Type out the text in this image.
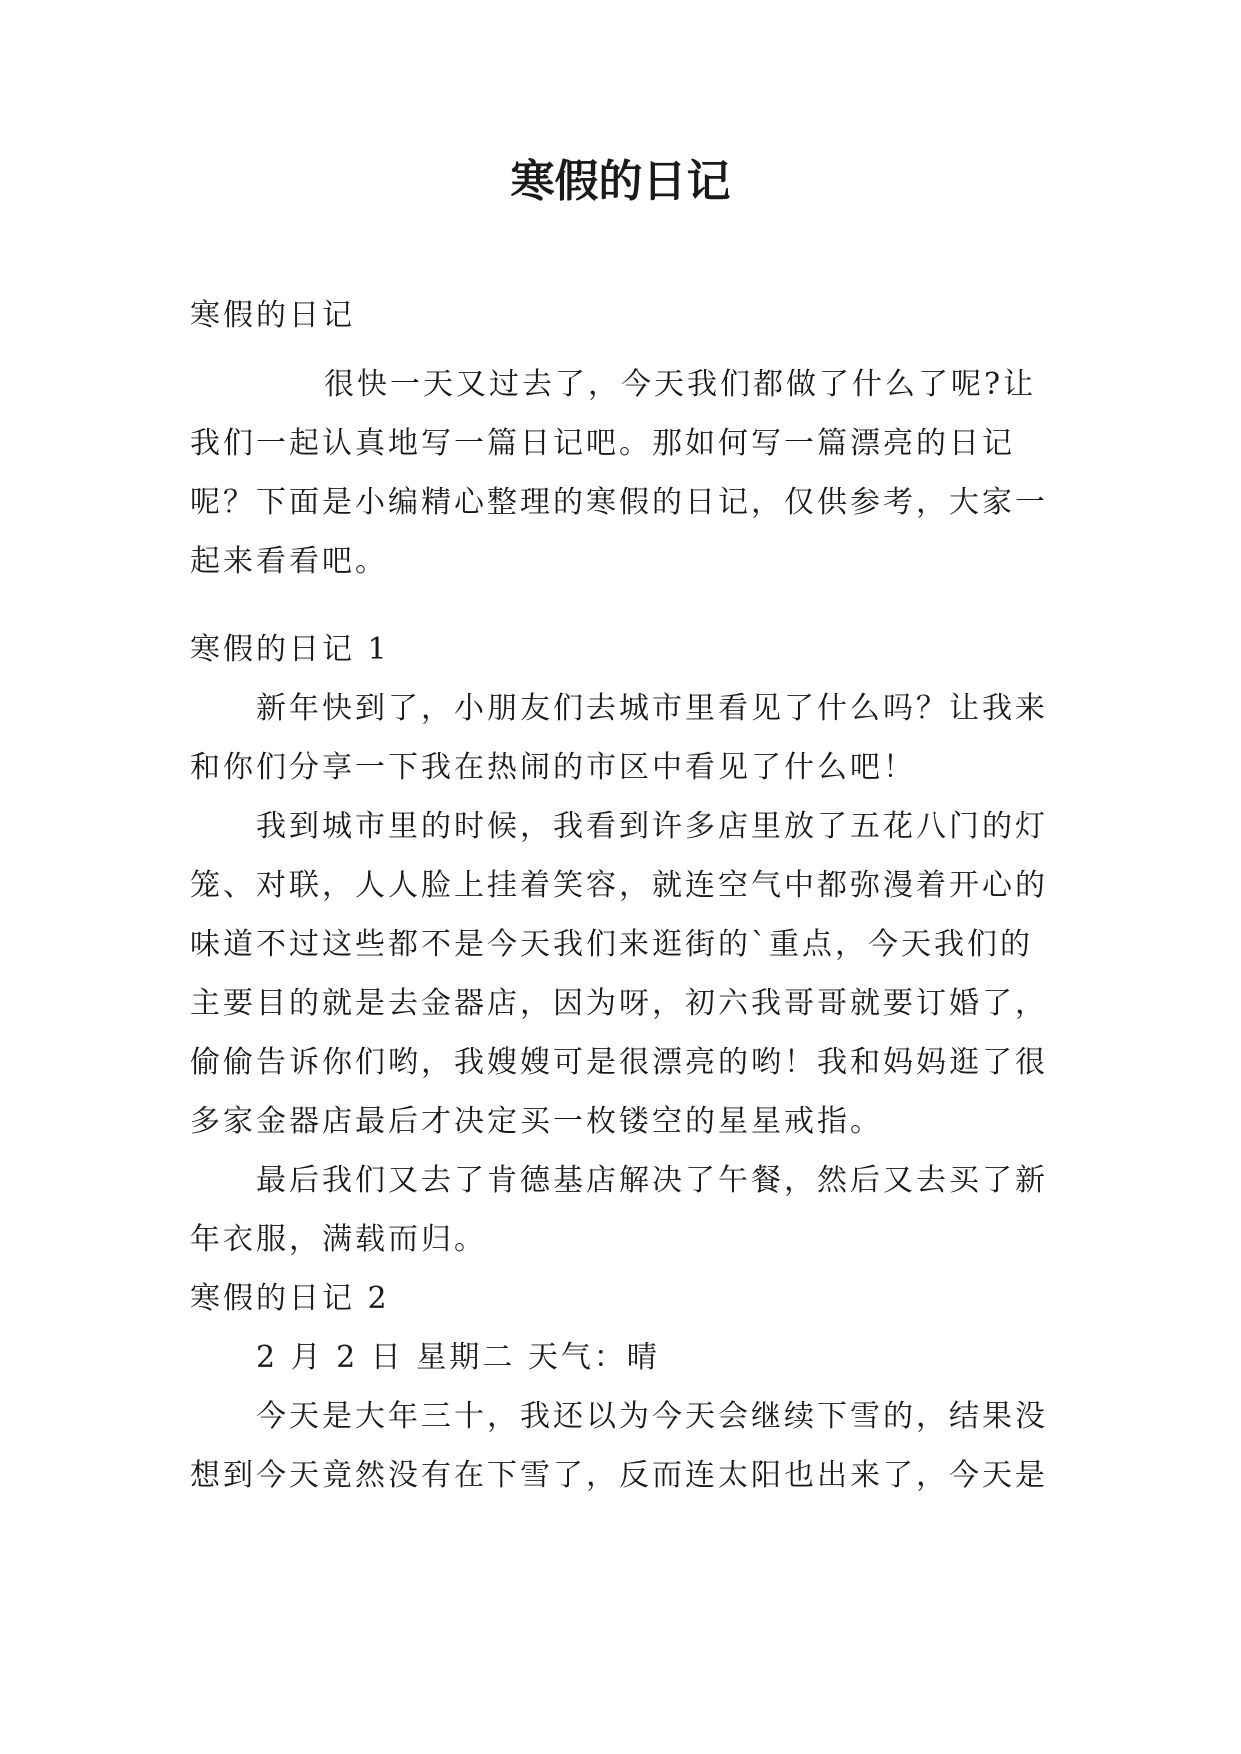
寒假的日记
寒假的日记
很快一天又过去了，今天我们都做了什么了呢?让
我们一起认真地写一篇日记吧。那如何写一篇漂亮的日记
呢？下面是小编精心整理的寒假的日记，仅供参考，大家一
起来看看吧。
寒假的日记 1
新年快到了，小朋友们去城市里看见了什么吗？让我来
和你们分享一下我在热闹的市区中看见了什么吧！
我到城市里的时候，我看到许多店里放了五花八门的灯
笼、对联，人人脸上挂着笑容，就连空气中都弥漫着开心的
味道不过这些都不是今天我们来逛街的`重点，今天我们的
主要目的就是去金器店，因为呀，初六我哥哥就要订婚了，
偷偷告诉你们哟，我嫂嫂可是很漂亮的哟！我和妈妈逛了很
多家金器店最后才决定买一枚镂空的星星戒指。
最后我们又去了肯德基店解决了午餐，然后又去买了新
年衣服，满载而归。
寒假的日记 2
2 月 2 日 星期二 天气：晴
今天是大年三十，我还以为今天会继续下雪的，结果没
想到今天竟然没有在下雪了，反而连太阳也出来了，今天是
